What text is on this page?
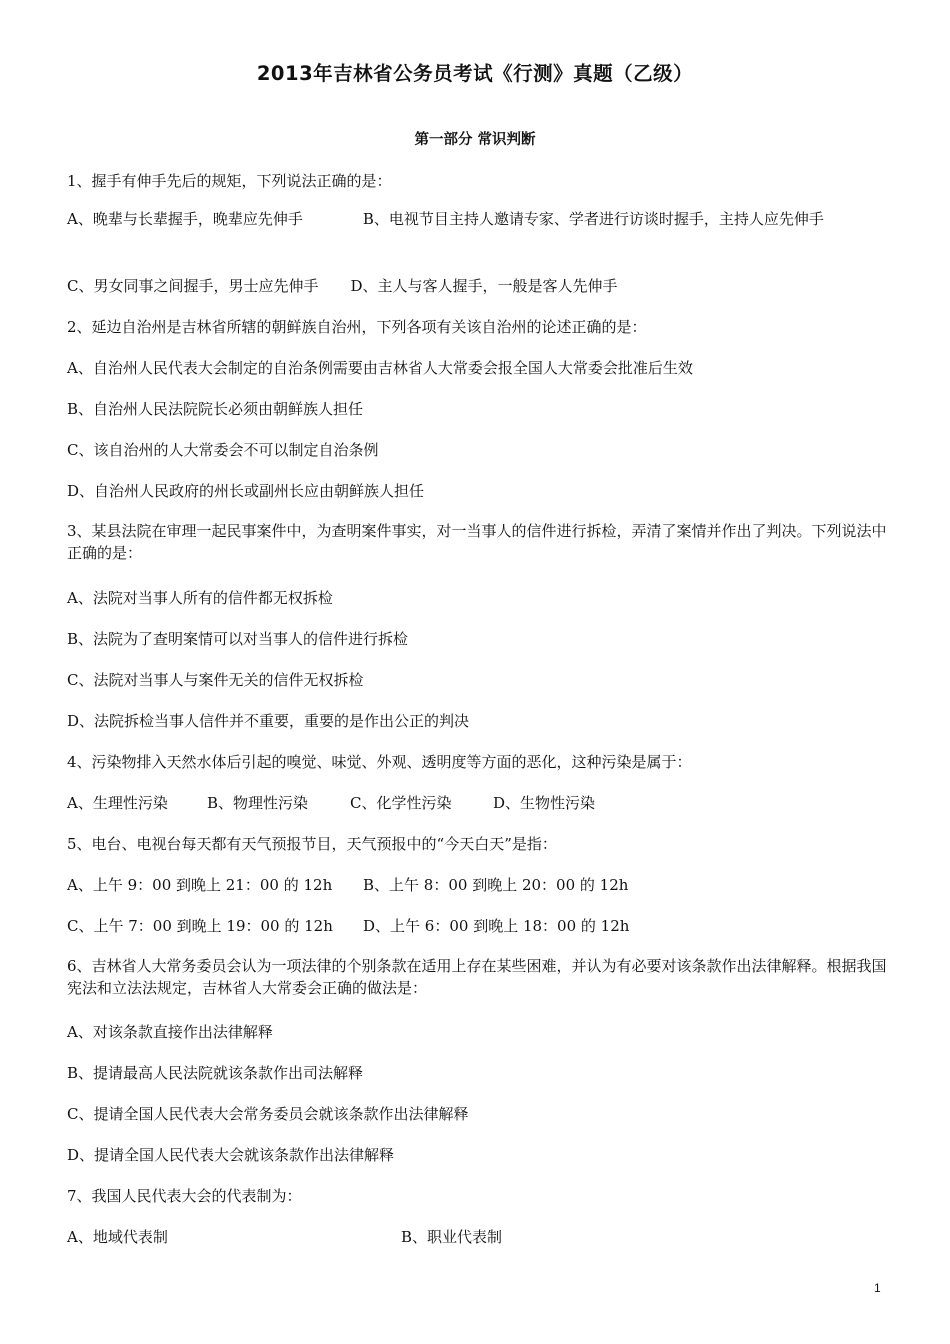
2013年吉林省公务员考试《行测》真题（乙级）
第一部分 常识判断
1、握手有伸手先后的规矩，下列说法正确的是：
A、晚辈与长辈握手，晚辈应先伸手	B、电视节目主持人邀请专家、学者进行访谈时握手，主持人应先伸手
C、男女同事之间握手，男士应先伸手 D、主人与客人握手，一般是客人先伸手
2、延边自治州是吉林省所辖的朝鲜族自治州，下列各项有关该自治州的论述正确的是：
A、自治州人民代表大会制定的自治条例需要由吉林省人大常委会报全国人大常委会批准后生效
B、自治州人民法院院长必须由朝鲜族人担任
C、该自治州的人大常委会不可以制定自治条例
D、自治州人民政府的州长或副州长应由朝鲜族人担任
3、某县法院在审理一起民事案件中，为查明案件事实，对一当事人的信件进行拆检，弄清了案情并作出了判决。下列说法中正确的是：
A、法院对当事人所有的信件都无权拆检
B、法院为了查明案情可以对当事人的信件进行拆检
C、法院对当事人与案件无关的信件无权拆检
D、法院拆检当事人信件并不重要，重要的是作出公正的判决
4、污染物排入天然水体后引起的嗅觉、味觉、外观、透明度等方面的恶化，这种污染是属于：
A、生理性污染	B、物理性污染	C、化学性污染	D、生物性污染
5、电台、电视台每天都有天气预报节目，天气预报中的“今天白天”是指：
A、上午 9：00 到晚上 21：00 的 12h B、上午 8：00 到晚上 20：00 的 12h
C、上午 7：00 到晚上 19：00 的 12h D、上午 6：00 到晚上 18：00 的 12h
6、吉林省人大常务委员会认为一项法律的个别条款在适用上存在某些困难，并认为有必要对该条款作出法律解释。根据我国宪法和立法法规定，吉林省人大常委会正确的做法是：
A、对该条款直接作出法律解释
B、提请最高人民法院就该条款作出司法解释
C、提请全国人民代表大会常务委员会就该条款作出法律解释
D、提请全国人民代表大会就该条款作出法律解释
7、我国人民代表大会的代表制为：
A、地域代表制	B、职业代表制
1
